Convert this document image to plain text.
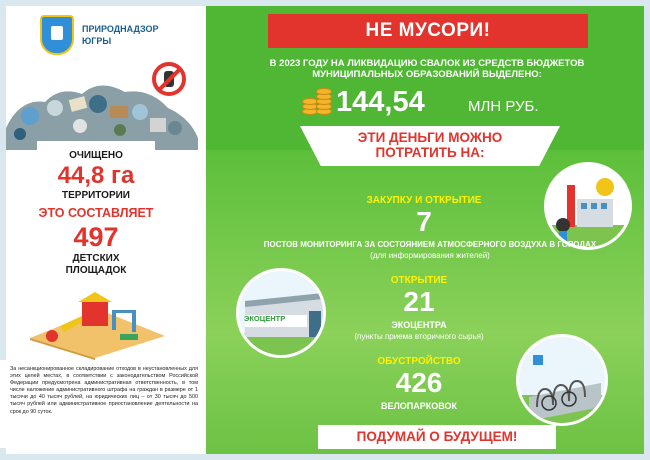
ПРИРОДНАДЗОР
ЮГРЫ
ОЧИЩЕНО
44,8 га
ТЕРРИТОРИИ
ЭТО СОСТАВЛЯЕТ
497
ДЕТСКИХ
ПЛОЩАДОК
За несанкционированное складирование отходов в неустановленных для этих целей местах, в соответствии с законодательством Российской Федерации предусмотрена административная ответственность, в том числе наложение административного штрафа на граждан в размере от 1 тысячи до 40 тысяч рублей, на юридических лиц – от 30 тысяч до 500 тысяч рублей или административное приостановление деятельности на срок до 90 суток.
НЕ МУСОРИ!
В 2023 ГОДУ НА ЛИКВИДАЦИЮ СВАЛОК ИЗ СРЕДСТВ БЮДЖЕТОВ
МУНИЦИПАЛЬНЫХ ОБРАЗОВАНИЙ ВЫДЕЛЕНО:
144,54	МЛН РУБ.
ЭТИ ДЕНЬГИ МОЖНО
ПОТРАТИТЬ НА:
ЗАКУПКУ И ОТКРЫТИЕ
7
ПОСТОВ МОНИТОРИНГА ЗА СОСТОЯНИЕМ АТМОСФЕРНОГО ВОЗДУХА В ГОРОДАХ
(для информирования жителей)
ЭКОЦЕНТР
ОТКРЫТИЕ
21
ЭКОЦЕНТРА
(пункты приема вторичного сырья)
ОБУСТРОЙСТВО
426
ВЕЛОПАРКОВОК
ПОДУМАЙ О БУДУЩЕМ!
